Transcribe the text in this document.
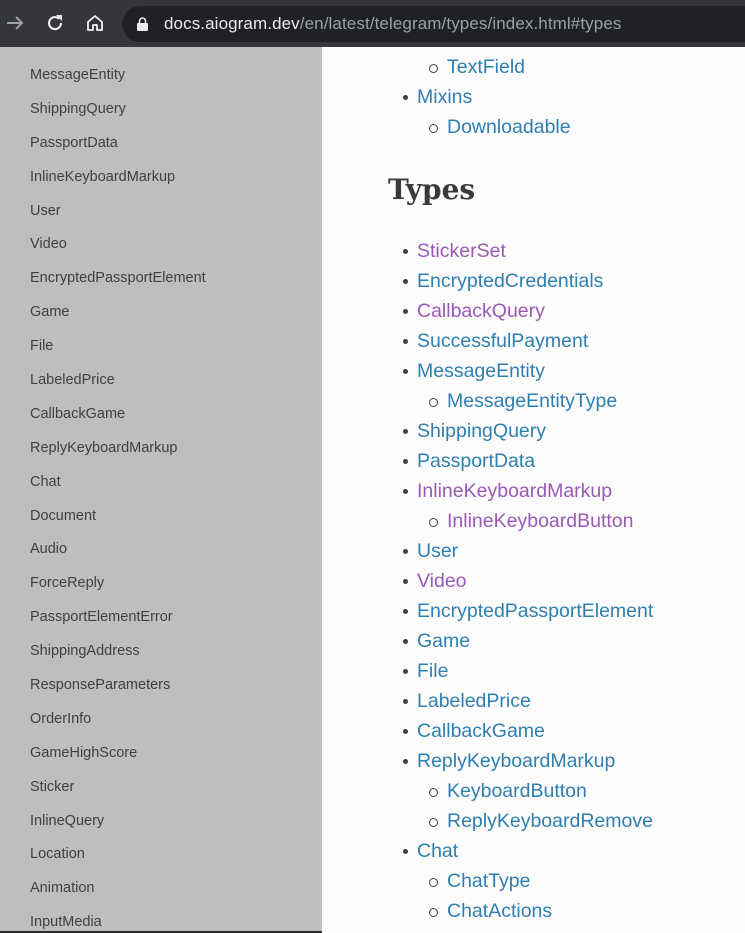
docs.aiogram.dev/en/latest/telegram/types/index.html#types
MessageEntity
ShippingQuery
PassportData
InlineKeyboardMarkup
User
Video
EncryptedPassportElement
Game
File
LabeledPrice
CallbackGame
ReplyKeyboardMarkup
Chat
Document
Audio
ForceReply
PassportElementError
ShippingAddress
ResponseParameters
OrderInfo
GameHighScore
Sticker
InlineQuery
Location
Animation
InputMedia
TextField
Mixins
Downloadable
Types
StickerSet
EncryptedCredentials
CallbackQuery
SuccessfulPayment
MessageEntity
MessageEntityType
ShippingQuery
PassportData
InlineKeyboardMarkup
InlineKeyboardButton
User
Video
EncryptedPassportElement
Game
File
LabeledPrice
CallbackGame
ReplyKeyboardMarkup
KeyboardButton
ReplyKeyboardRemove
Chat
ChatType
ChatActions
